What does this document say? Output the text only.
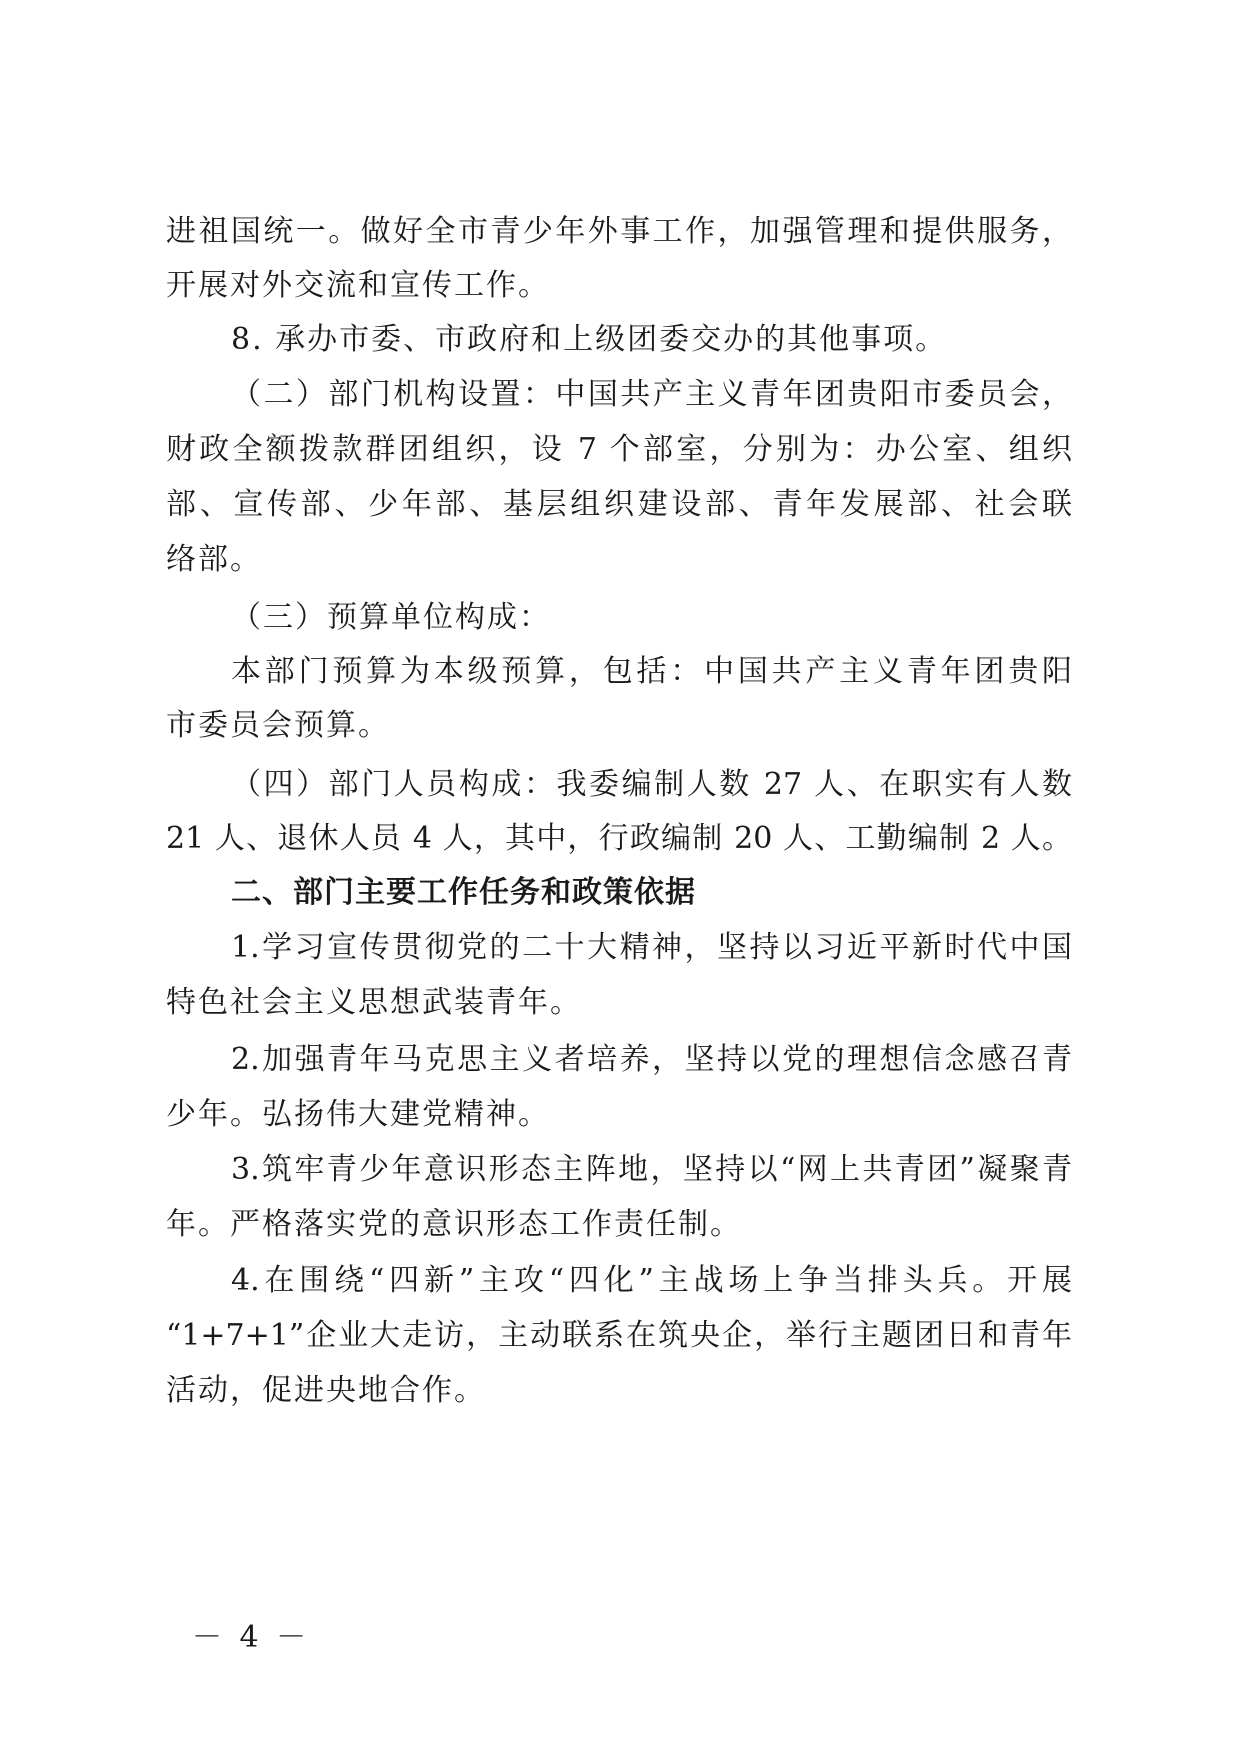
进祖国统一。做好全市青少年外事工作，加强管理和提供服务，
开展对外交流和宣传工作。
8. 承办市委、市政府和上级团委交办的其他事项。
（二）部门机构设置：中国共产主义青年团贵阳市委员会，
财政全额拨款群团组织，设 7 个部室，分别为：办公室、组织
部、宣传部、少年部、基层组织建设部、青年发展部、社会联
络部。
（三）预算单位构成：
本部门预算为本级预算，包括：中国共产主义青年团贵阳
市委员会预算。
（四）部门人员构成：我委编制人数 27 人、在职实有人数
21 人、退休人员 4 人，其中，行政编制 20 人、工勤编制 2 人。
二、部门主要工作任务和政策依据
1.学习宣传贯彻党的二十大精神，坚持以习近平新时代中国
特色社会主义思想武装青年。
2.加强青年马克思主义者培养，坚持以党的理想信念感召青
少年。弘扬伟大建党精神。
3.筑牢青少年意识形态主阵地，坚持以“网上共青团”凝聚青
年。严格落实党的意识形态工作责任制。
4.在围绕“四新”主攻“四化”主战场上争当排头兵。开展
“1+7+1”企业大走访，主动联系在筑央企，举行主题团日和青年
活动，促进央地合作。
－ 4 －
